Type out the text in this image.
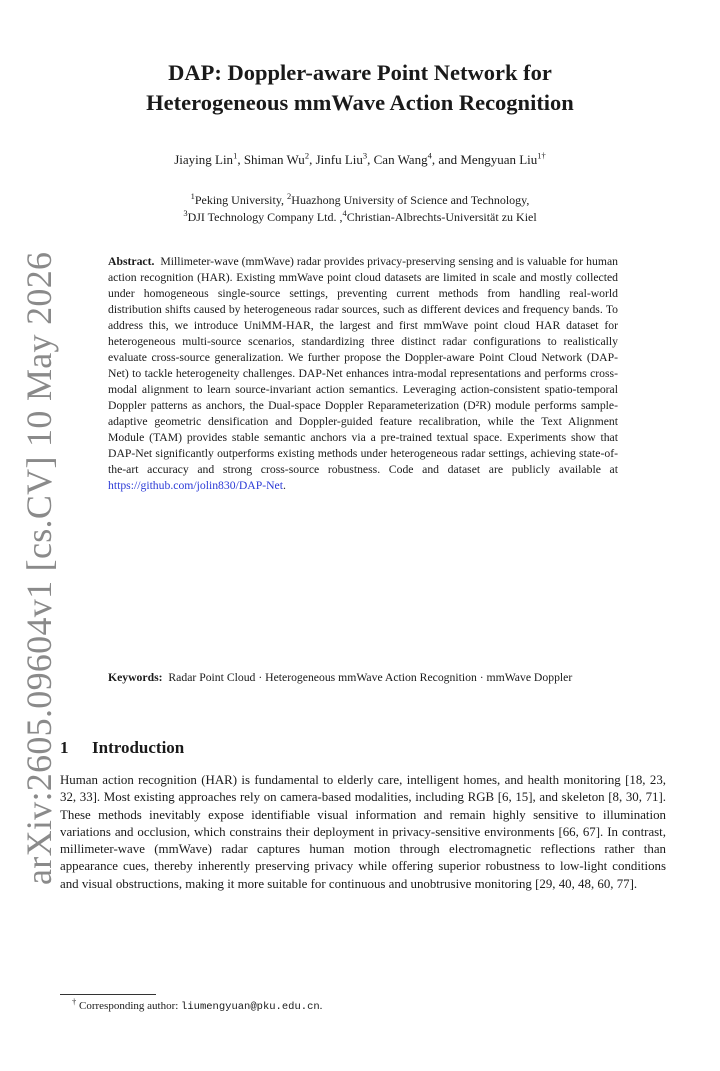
arXiv:2605.09604v1 [cs.CV] 10 May 2026
DAP: Doppler-aware Point Network for
Heterogeneous mmWave Action Recognition
Jiaying Lin$^1$, Shiman Wu$^2$, Jinfu Liu$^3$, Can Wang$^4$, and Mengyuan Liu$^{1\dagger}$
$^1$Peking University, $^2$Huazhong University of Science and Technology,
$^3$DJI Technology Company Ltd. ,$^4$Christian-Albrechts-Universität zu Kiel
Abstract. Millimeter-wave (mmWave) radar provides privacy-preserving sensing and is valuable for human action recognition (HAR). Existing mmWave point cloud datasets are limited in scale and mostly collected under homogeneous single-source settings, preventing current methods from handling real-world distribution shifts caused by heterogeneous radar sources, such as different devices and frequency bands. To address this, we introduce UniMM-HAR, the largest and first mmWave point cloud HAR dataset for heterogeneous multi-source scenarios, standardizing three distinct radar configurations to realistically evaluate cross-source generalization. We further propose the Doppler-aware Point Cloud Network (DAP-Net) to tackle heterogeneity challenges. DAP-Net enhances intra-modal representations and performs cross-modal alignment to learn source-invariant action semantics. Leveraging action-consistent spatio-temporal Doppler patterns as anchors, the Dual-space Doppler Reparameterization (D²R) module performs sample-adaptive geometric densification and Doppler-guided feature recalibration, while the Text Alignment Module (TAM) provides stable semantic anchors via a pre-trained textual space. Experiments show that DAP-Net significantly outperforms existing methods under heterogeneous radar settings, achieving state-of-the-art accuracy and strong cross-source robustness. Code and dataset are publicly available at https://github.com/jolin830/DAP-Net.
Keywords: Radar Point Cloud · Heterogeneous mmWave Action Recognition · mmWave Doppler
1 Introduction
Human action recognition (HAR) is fundamental to elderly care, intelligent homes, and health monitoring [18, 23, 32, 33]. Most existing approaches rely on camera-based modalities, including RGB [6, 15], and skeleton [8, 30, 71]. These methods inevitably expose identifiable visual information and remain highly sensitive to illumination variations and occlusion, which constrains their deployment in privacy-sensitive environments [66, 67]. In contrast, millimeter-wave (mmWave) radar captures human motion through electromagnetic reflections rather than appearance cues, thereby inherently preserving privacy while offering superior robustness to low-light conditions and visual obstructions, making it more suitable for continuous and unobtrusive monitoring [29, 40, 48, 60, 77].
† Corresponding author: liumengyuan@pku.edu.cn.
